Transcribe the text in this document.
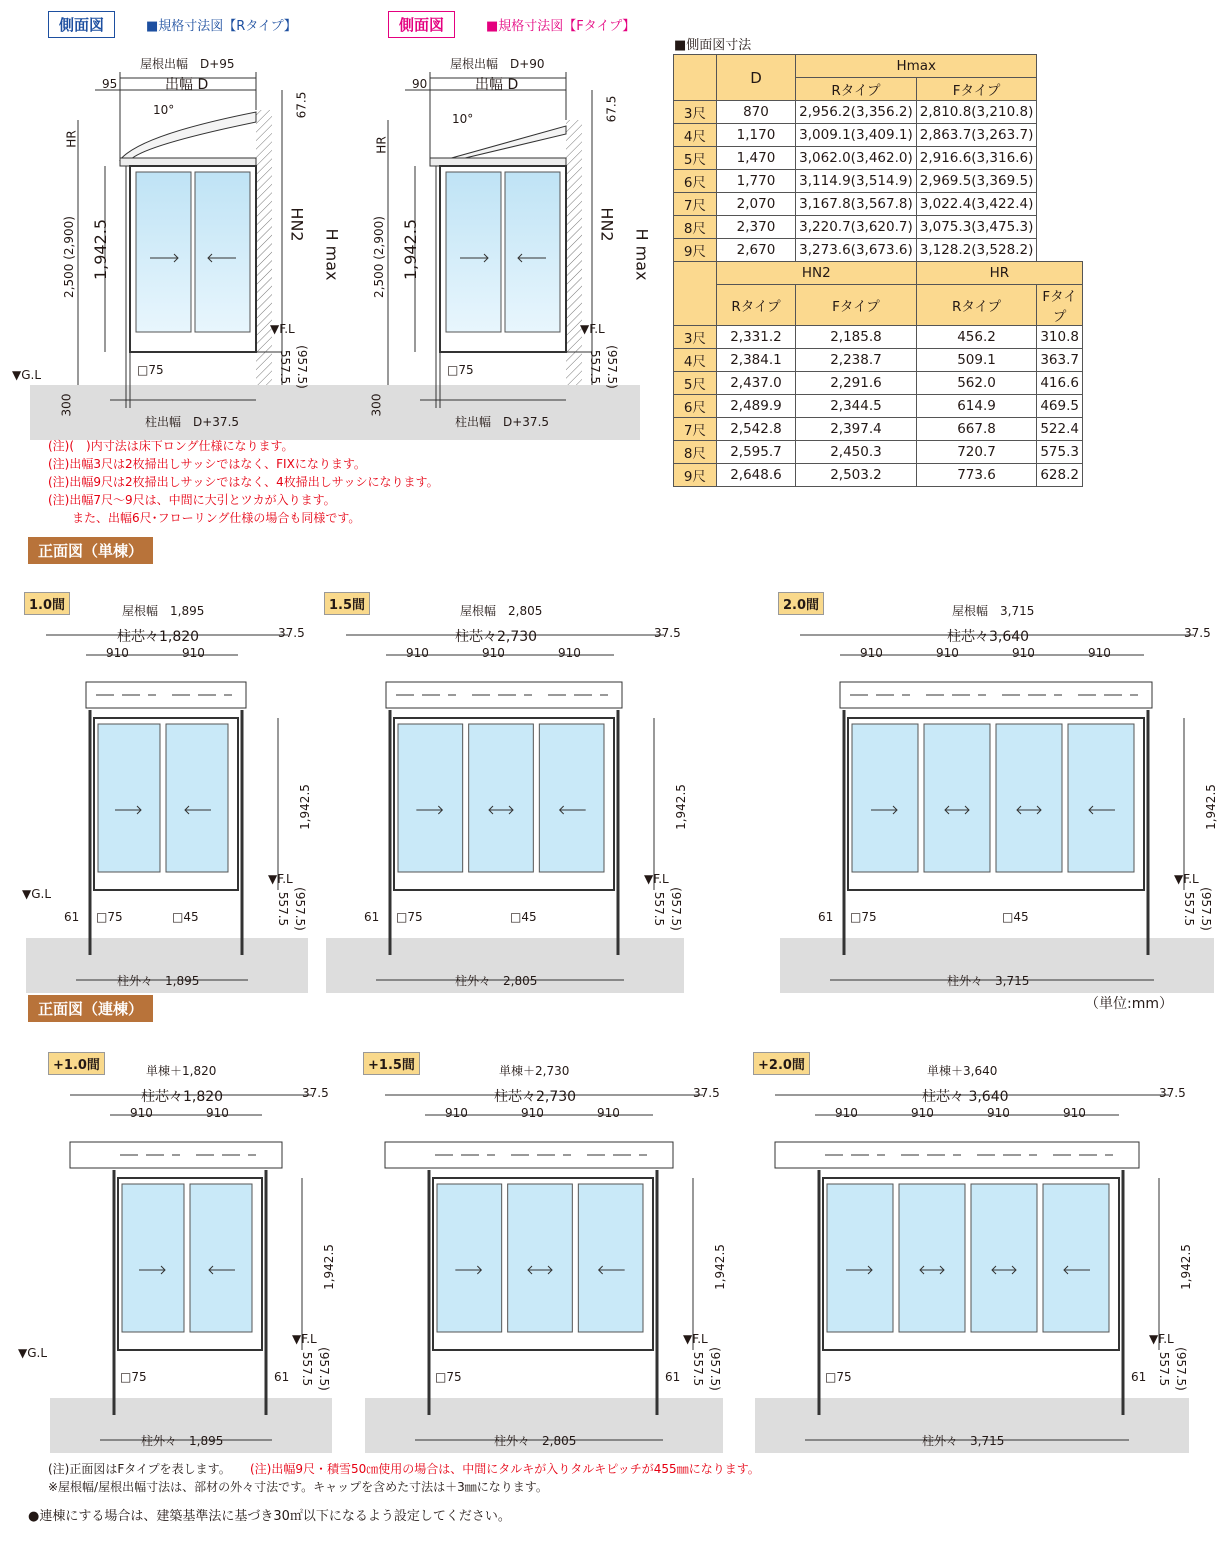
側面図	■規格寸法図【Rタイプ】	側面図	■規格寸法図【Fタイプ】
屋根出幅　D+95
出幅 D
95
10°	67.5
HR
2,500 (2,900) 1,942.5	HN2
H max
▼F.L
▼G.L	□75	557.5 (957.5)
300
柱出幅　D+37.5
屋根出幅　D+90
出幅 D
90
10°	67.5
HR
2,500 (2,900) 1,942.5	HN2
H max
▼F.L
□75	557.5 (957.5)
300
柱出幅　D+37.5
■側面図寸法
	D	Hmax		
		Rタイプ	Fタイプ	
3尺	870	2,956.2(3,356.2)	2,810.8(3,210.8)	
4尺	1,170	3,009.1(3,409.1)	2,863.7(3,263.7)	
5尺	1,470	3,062.0(3,462.0)	2,916.6(3,316.6)	
6尺	1,770	3,114.9(3,514.9)	2,969.5(3,369.5)	
7尺	2,070	3,167.8(3,567.8)	3,022.4(3,422.4)	
8尺	2,370	3,220.7(3,620.7)	3,075.3(3,475.3)	
9尺	2,670	3,273.6(3,673.6)	3,128.2(3,528.2)	
	HN2		HR	
	Rタイプ	Fタイプ	Rタイプ	Fタイプ
3尺	2,331.2	2,185.8	456.2	310.8
4尺	2,384.1	2,238.7	509.1	363.7
5尺	2,437.0	2,291.6	562.0	416.6
6尺	2,489.9	2,344.5	614.9	469.5
7尺	2,542.8	2,397.4	667.8	522.4
8尺	2,595.7	2,450.3	720.7	575.3
9尺	2,648.6	2,503.2	773.6	628.2
(注)(　)内寸法は床下ロング仕様になります。
(注)出幅3尺は2枚掃出しサッシではなく、FIXになります。
(注)出幅9尺は2枚掃出しサッシではなく、4枚掃出しサッシになります。
(注)出幅7尺～9尺は、中間に大引とツカが入ります。
　　また、出幅6尺･フローリング仕様の場合も同様です。
正面図（単棟）
正面図（連棟）	（単位:mm）
1.0間	屋根幅　1,895
柱芯々1,820	37.5
910	910
柱外々　1,895
1,942.5
▼F.L
557.5 (957.5)
□75	□45
61
1.5間	屋根幅　2,805
柱芯々2,730	37.5
910	910	910
柱外々　2,805
1,942.5
▼F.L
557.5 (957.5)
□75	□45
61
2.0間	屋根幅　3,715
柱芯々3,640	37.5
910	910	910	910
柱外々　3,715
1,942.5
▼F.L
557.5 (957.5)
□75	□45
61
+1.0間	単棟＋1,820
柱芯々1,820	37.5
910	910
柱外々　1,895
1,942.5
▼F.L
557.5 (957.5)
□75	61
+1.5間	単棟＋2,730
柱芯々2,730	37.5
910	910	910
柱外々　2,805
1,942.5
▼F.L
557.5 (957.5)
□75	61
+2.0間	単棟＋3,640
柱芯々 3,640	37.5
910	910	910	910
柱外々　3,715
1,942.5
▼F.L
557.5 (957.5)
□75	61
▼G.L
▼G.L
(注)正面図はFタイプを表します。 (注)出幅9尺・積雪50㎝使用の場合は、中間にタルキが入りタルキピッチが455㎜になります。
※屋根幅/屋根出幅寸法は、部材の外々寸法です。キャップを含めた寸法は＋3㎜になります。
●連棟にする場合は、建築基準法に基づき30㎡以下になるよう設定してください。
